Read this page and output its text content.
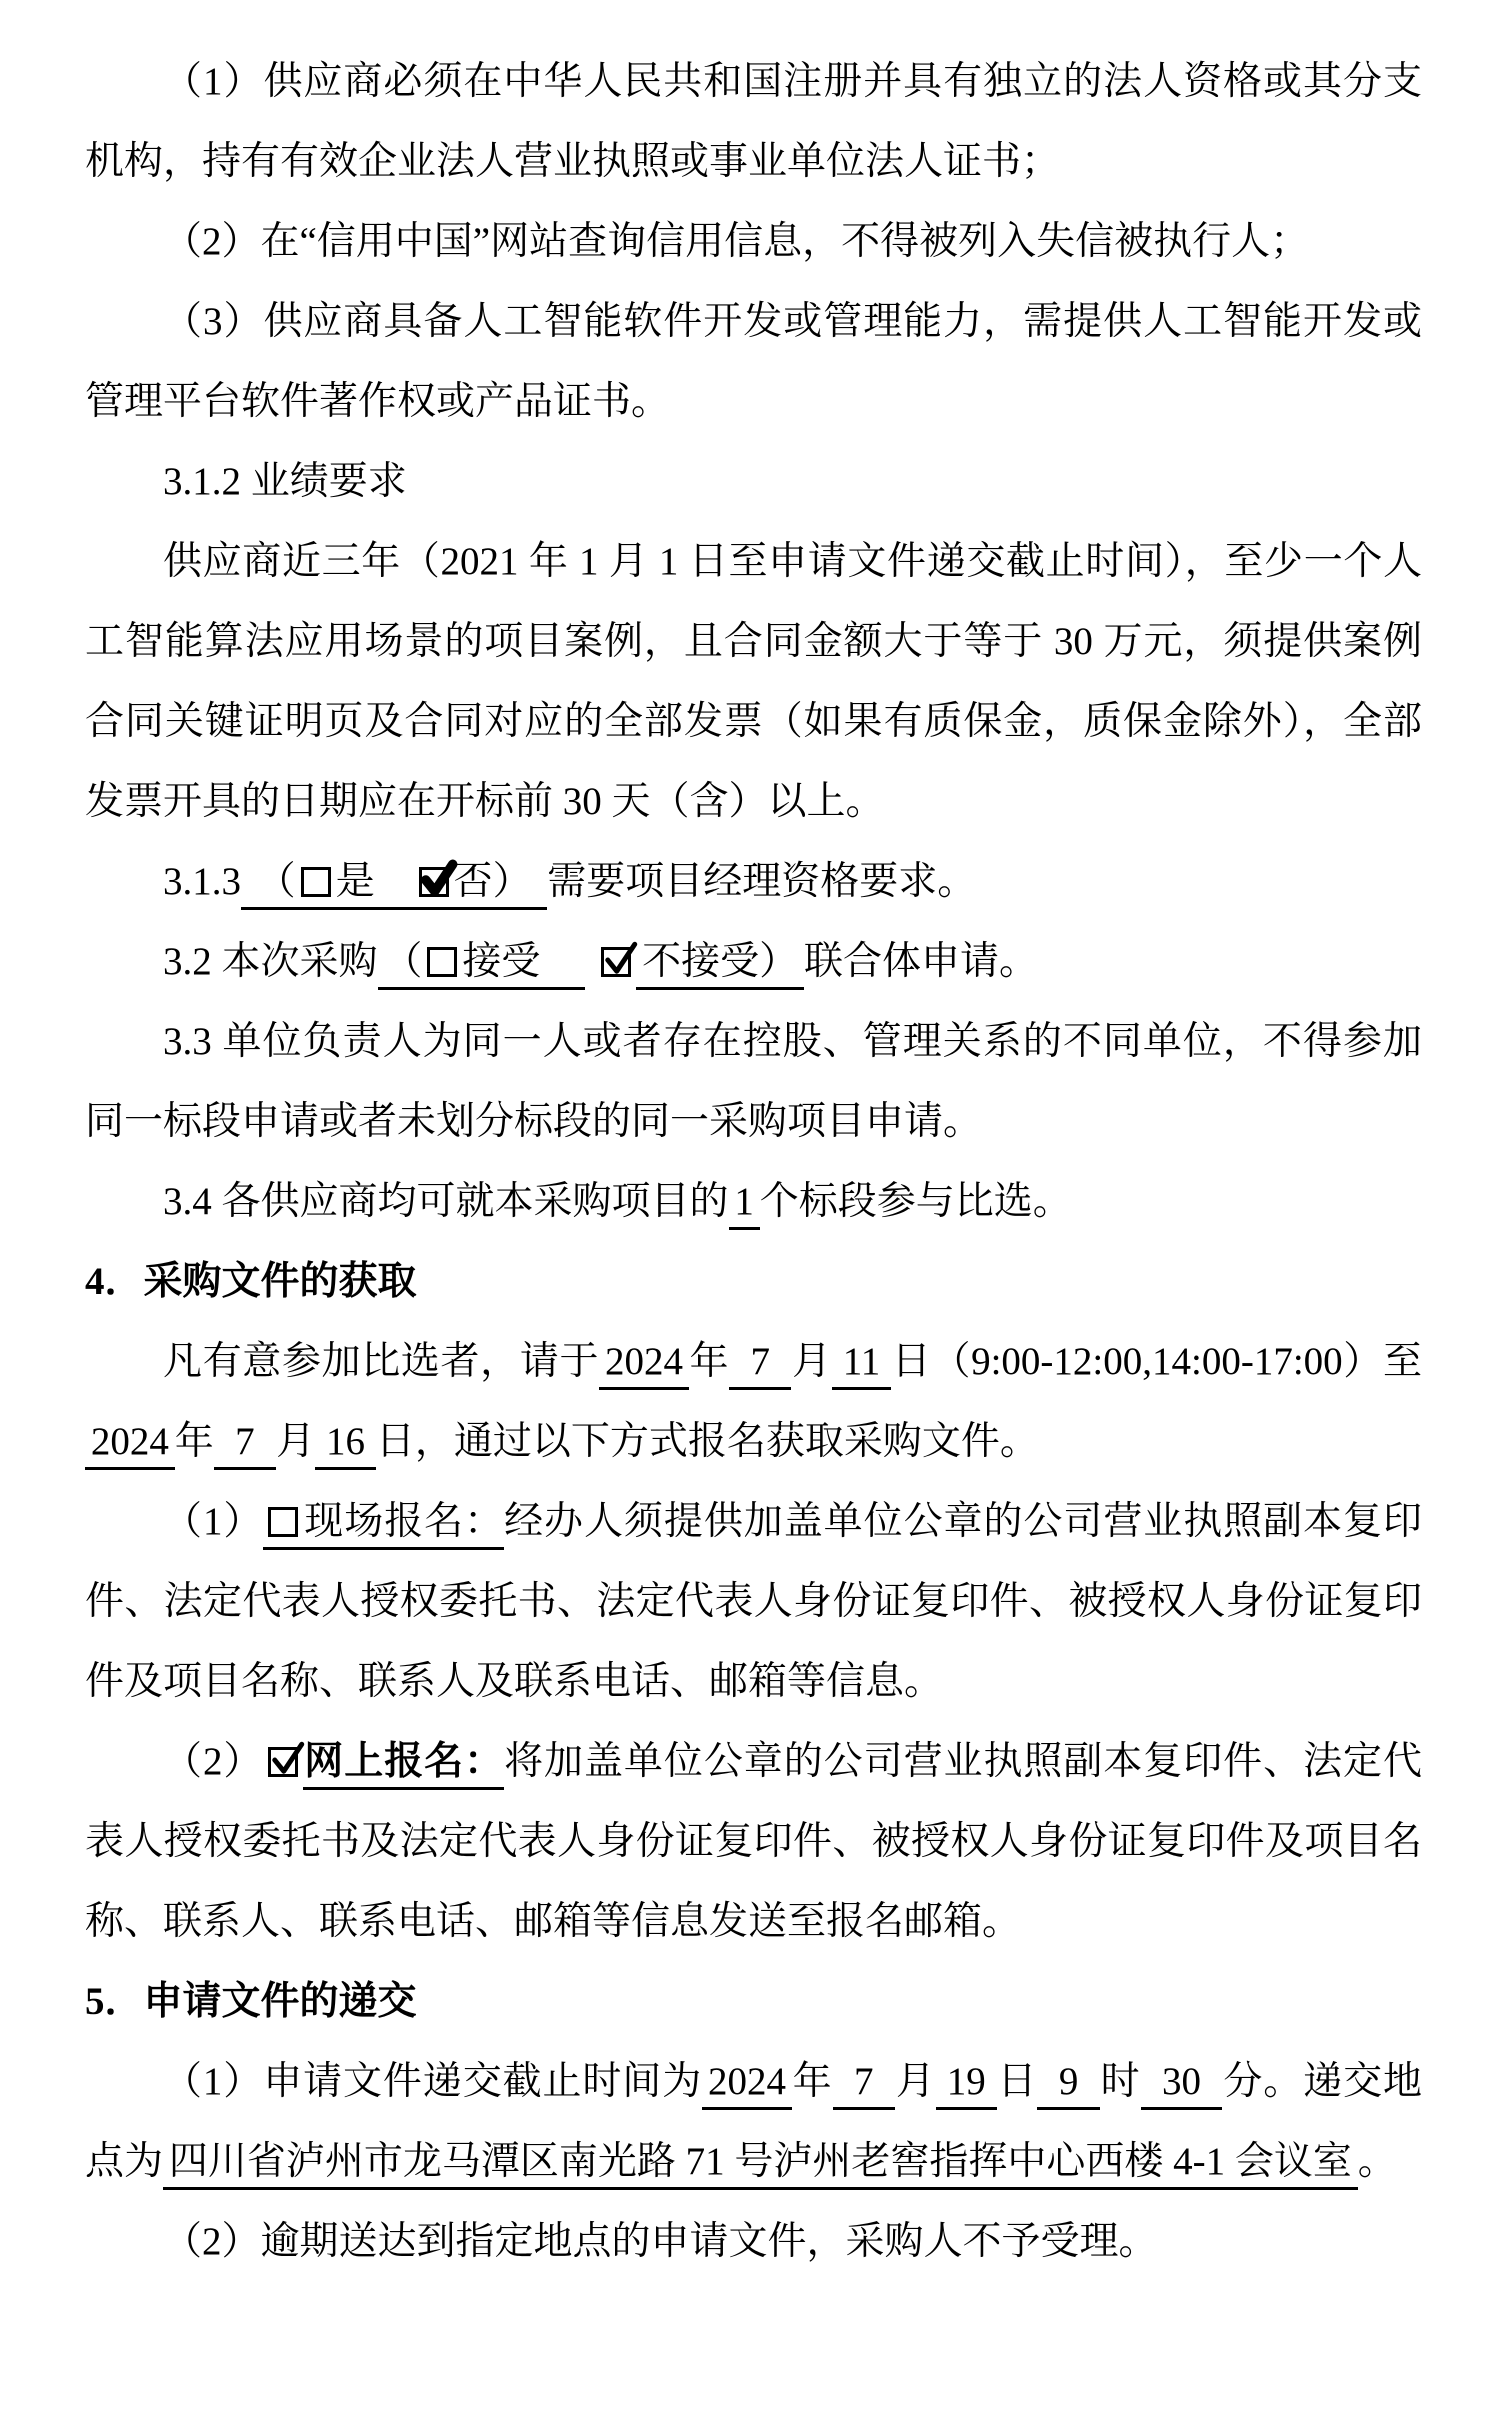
（1）供应商必须在中华人民共和国注册并具有独立的法人资格或其分支机构，持有有效企业法人营业执照或事业单位法人证书；

（2）在“信用中国”网站查询信用信息，不得被列入失信被执行人；

（3）供应商具备人工智能软件开发或管理能力，需提供人工智能开发或管理平台软件著作权或产品证书。

3.1.2 业绩要求

供应商近三年（2021 年 1 月 1 日至申请文件递交截止时间），至少一个人工智能算法应用场景的项目案例，且合同金额大于等于 30 万元，须提供案例合同关键证明页及合同对应的全部发票（如果有质保金，质保金除外），全部发票开具的日期应在开标前 30 天（含）以上。

3.1.3 （ 是　
否） 需要项目经理资格要求。

3.2 本次采购 （ 接受　
不接受） 联合体申请。

3.3 单位负责人为同一人或者存在控股、管理关系的不同单位，不得参加同一标段申请或者未划分标段的同一采购项目申请。

3.4 各供应商均可就本采购项目的 1 个标段参与比选。

4．采购文件的获取

凡有意参加比选者，请于 2024 年 7 月 11 日（9:00-12:00,14:00-17:00）至2024 年 7 月 16 日，通过以下方式报名获取采购文件。

（1） 现场报名：经办人须提供加盖单位公章的公司营业执照副本复印件、法定代表人授权委托书、法定代表人身份证复印件、被授权人身份证复印件及项目名称、联系人及联系电话、邮箱等信息。

（2） 网上报名：将加盖单位公章的公司营业执照副本复印件、法定代表人授权委托书及法定代表人身份证复印件、被授权人身份证复印件及项目名称、联系人、联系电话、邮箱等信息发送至报名邮箱。

5．申请文件的递交

（1）申请文件递交截止时间为 2024 年 7 月 19 日 9 时 30 分。递交地点为 四川省泸州市龙马潭区南光路 71 号泸州老窖指挥中心西楼 4-1 会议室 。

（2）逾期送达到指定地点的申请文件，采购人不予受理。
